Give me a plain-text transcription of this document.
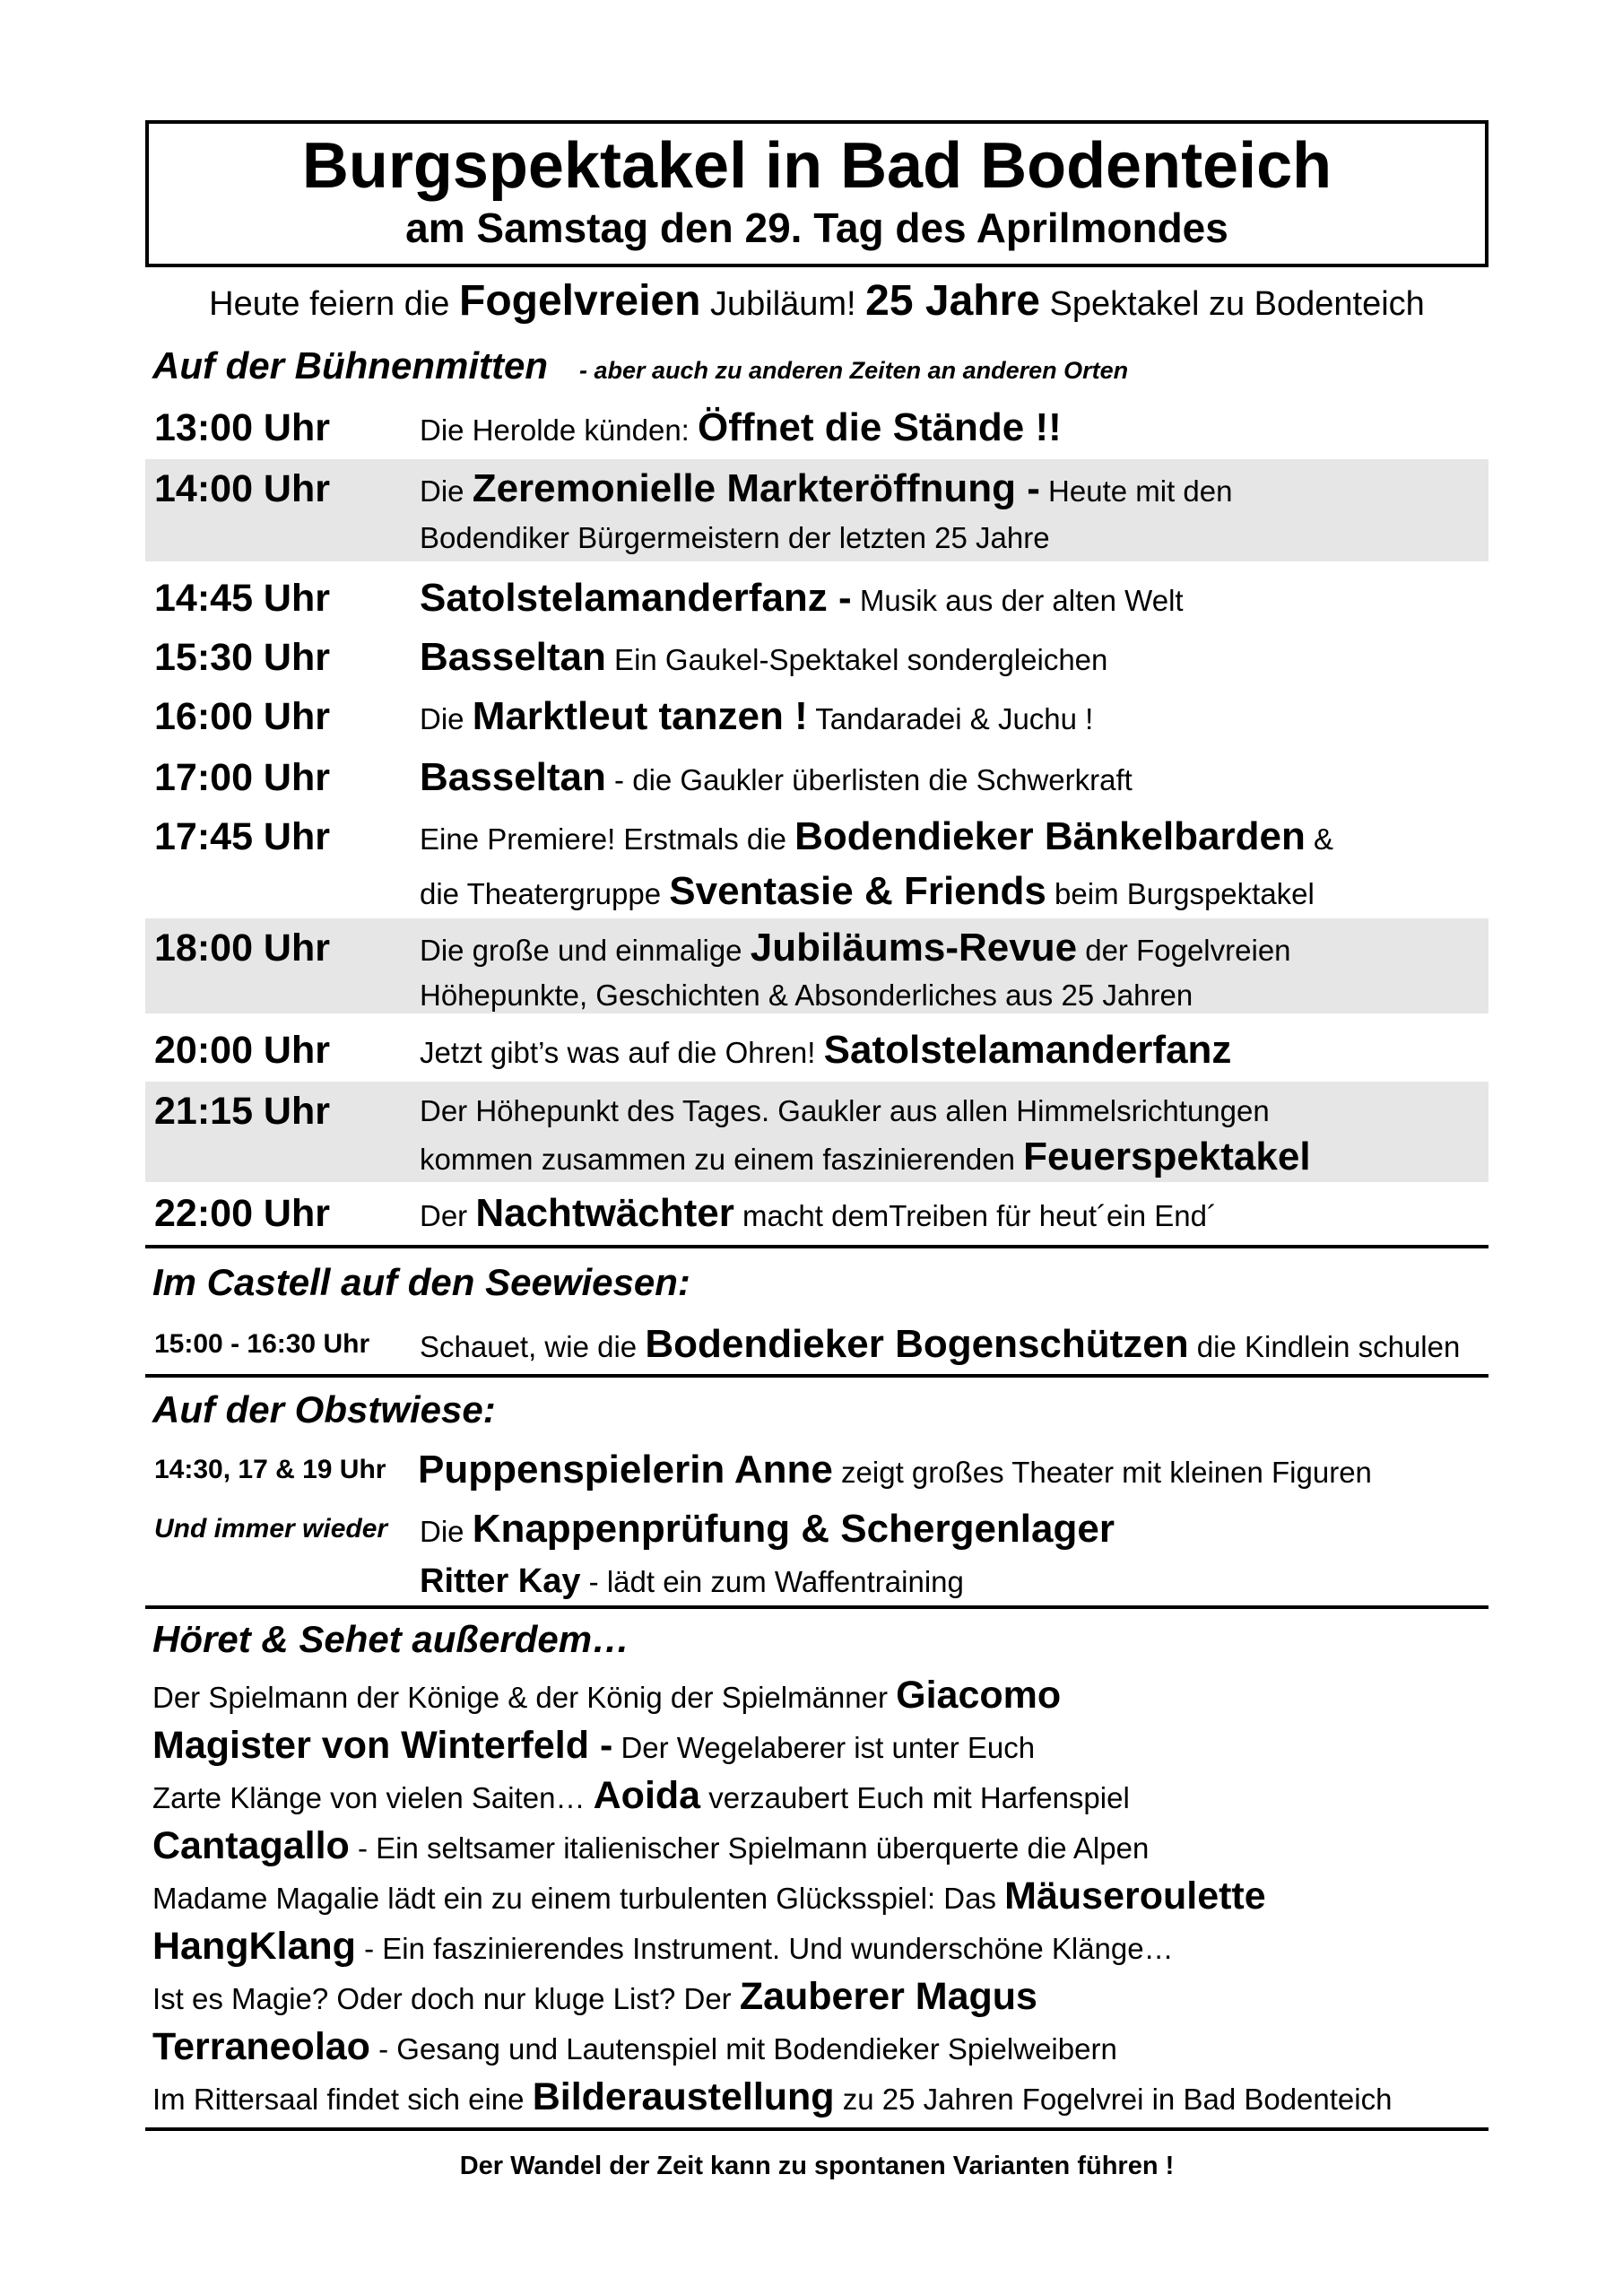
Burgspektakel in Bad Bodenteich
am Samstag den 29. Tag des Aprilmondes
Heute feiern die Fogelvreien Jubiläum! 25 Jahre Spektakel zu Bodenteich
Auf der Bühnenmitten - aber auch zu anderen Zeiten an anderen Orten
13:00 Uhr	Die Herolde künden: Öffnet die Stände !!
14:00 Uhr	Die Zeremonielle Markteröffnung - Heute mit den
Bodendiker Bürgermeistern der letzten 25 Jahre
14:45 Uhr Satolstelamanderfanz - Musik aus der alten Welt
15:30 Uhr Basseltan Ein Gaukel-Spektakel sondergleichen
16:00 Uhr	Die Marktleut tanzen ! Tandaradei & Juchu !
17:00 Uhr Basseltan - die Gaukler überlisten die Schwerkraft
17:45 Uhr	Eine Premiere! Erstmals die Bodendieker Bänkelbarden &
die Theatergruppe Sventasie & Friends beim Burgspektakel
18:00 Uhr	Die große und einmalige Jubiläums-Revue der Fogelvreien
Höhepunkte, Geschichten & Absonderliches aus 25 Jahren
20:00 Uhr	Jetzt gibt’s was auf die Ohren! Satolstelamanderfanz
21:15 Uhr	Der Höhepunkt des Tages. Gaukler aus allen Himmelsrichtungen
kommen zusammen zu einem faszinierenden Feuerspektakel
22:00 Uhr	Der Nachtwächter macht demTreiben für heut´ein End´
Im Castell auf den Seewiesen:
15:00 - 16:30 Uhr Schauet, wie die Bodendieker Bogenschützen die Kindlein schulen
Auf der Obstwiese:
14:30, 17 & 19 Uhr Puppenspielerin Anne zeigt großes Theater mit kleinen Figuren
Und immer wieder	Die Knappenprüfung & Schergenlager
Ritter Kay - lädt ein zum Waffentraining
Höret & Sehet außerdem…
Der Spielmann der Könige & der König der Spielmänner Giacomo
Magister von Winterfeld - Der Wegelaberer ist unter Euch
Zarte Klänge von vielen Saiten… Aoida verzaubert Euch mit Harfenspiel
Cantagallo - Ein seltsamer italienischer Spielmann überquerte die Alpen
Madame Magalie lädt ein zu einem turbulenten Glücksspiel: Das Mäuseroulette
HangKlang - Ein faszinierendes Instrument. Und wunderschöne Klänge…
Ist es Magie? Oder doch nur kluge List? Der Zauberer Magus
Terraneolao - Gesang und Lautenspiel mit Bodendieker Spielweibern
Im Rittersaal findet sich eine Bilderaustellung zu 25 Jahren Fogelvrei in Bad Bodenteich
Der Wandel der Zeit kann zu spontanen Varianten führen !
